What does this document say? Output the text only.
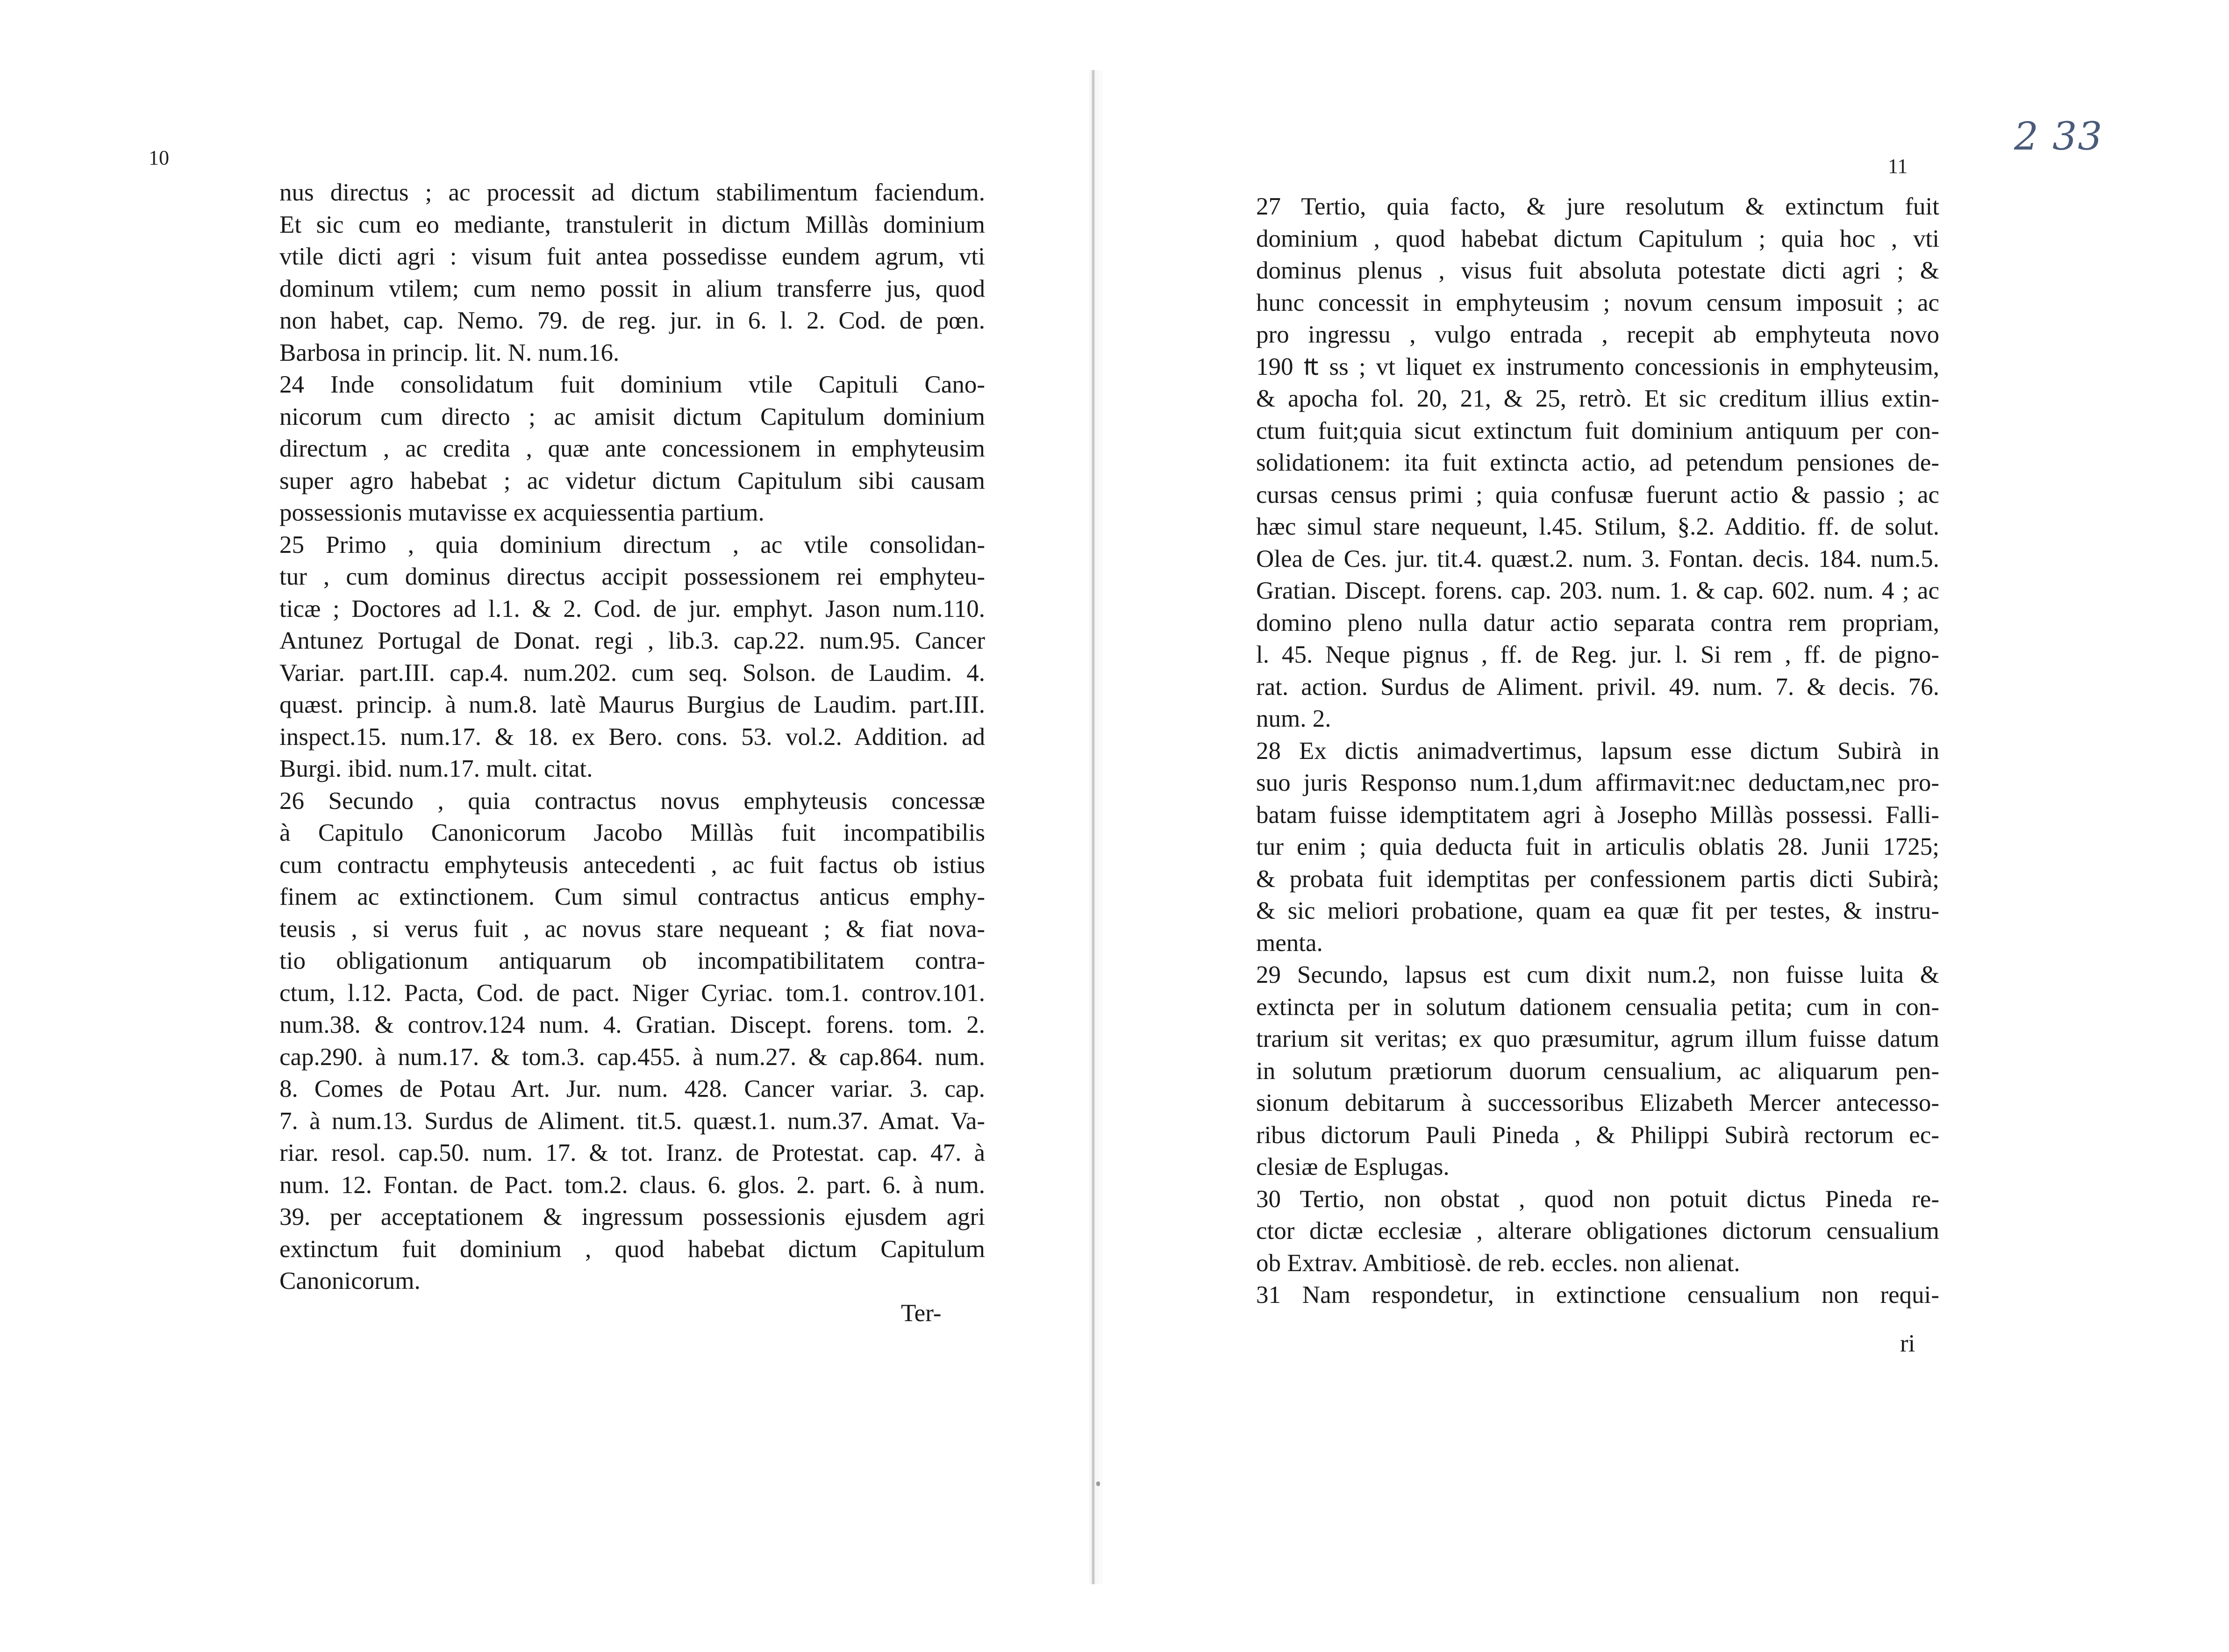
2 33
10	11
nus directus ; ac processit ad dictum stabilimentum faciendum.
Et sic cum eo mediante, transtulerit in dictum Millàs dominium
vtile dicti agri : visum fuit antea possedisse eundem agrum, vti
dominum vtilem; cum nemo possit in alium transferre jus, quod
non habet, cap. Nemo. 79. de reg. jur. in 6. l. 2. Cod. de pœn.
Barbosa in princip. lit. N. num.16.
24 Inde consolidatum fuit dominium vtile Capituli Cano-
nicorum cum directo ; ac amisit dictum Capitulum dominium
directum , ac credita , quæ ante concessionem in emphyteusim
super agro habebat ; ac videtur dictum Capitulum sibi causam
possessionis mutavisse ex acquiessentia partium.
25 Primo , quia dominium directum , ac vtile consolidan-
tur , cum dominus directus accipit possessionem rei emphyteu-
ticæ ; Doctores ad l.1. & 2. Cod. de jur. emphyt. Jason num.110.
Antunez Portugal de Donat. regi , lib.3. cap.22. num.95. Cancer
Variar. part.III. cap.4. num.202. cum seq. Solson. de Laudim. 4.
quæst. princip. à num.8. latè Maurus Burgius de Laudim. part.III.
inspect.15. num.17. & 18. ex Bero. cons. 53. vol.2. Addition. ad
Burgi. ibid. num.17. mult. citat.
26 Secundo , quia contractus novus emphyteusis concessæ
à Capitulo Canonicorum Jacobo Millàs fuit incompatibilis
cum contractu emphyteusis antecedenti , ac fuit factus ob istius
finem ac extinctionem. Cum simul contractus anticus emphy-
teusis , si verus fuit , ac novus stare nequeant ; & fiat nova-
tio obligationum antiquarum ob incompatibilitatem contra-
ctum, l.12. Pacta, Cod. de pact. Niger Cyriac. tom.1. controv.101.
num.38. & controv.124 num. 4. Gratian. Discept. forens. tom. 2.
cap.290. à num.17. & tom.3. cap.455. à num.27. & cap.864. num.
8. Comes de Potau Art. Jur. num. 428. Cancer variar. 3. cap.
7. à num.13. Surdus de Aliment. tit.5. quæst.1. num.37. Amat. Va-
riar. resol. cap.50. num. 17. & tot. Iranz. de Protestat. cap. 47. à
num. 12. Fontan. de Pact. tom.2. claus. 6. glos. 2. part. 6. à num.
39. per acceptationem & ingressum possessionis ejusdem agri
extinctum fuit dominium , quod habebat dictum Capitulum
Canonicorum.
Ter-
27 Tertio, quia facto, & jure resolutum & extinctum fuit
dominium , quod habebat dictum Capitulum ; quia hoc , vti
dominus plenus , visus fuit absoluta potestate dicti agri ; &
hunc concessit in emphyteusim ; novum censum imposuit ; ac
pro ingressu , vulgo entrada , recepit ab emphyteuta novo
190 ₶ ss ; vt liquet ex instrumento concessionis in emphyteusim,
& apocha fol. 20, 21, & 25, retrò. Et sic creditum illius extin-
ctum fuit;quia sicut extinctum fuit dominium antiquum per con-
solidationem: ita fuit extincta actio, ad petendum pensiones de-
cursas census primi ; quia confusæ fuerunt actio & passio ; ac
hæc simul stare nequeunt, l.45. Stilum, §.2. Additio. ff. de solut.
Olea de Ces. jur. tit.4. quæst.2. num. 3. Fontan. decis. 184. num.5.
Gratian. Discept. forens. cap. 203. num. 1. & cap. 602. num. 4 ; ac
domino pleno nulla datur actio separata contra rem propriam,
l. 45. Neque pignus , ff. de Reg. jur. l. Si rem , ff. de pigno-
rat. action. Surdus de Aliment. privil. 49. num. 7. & decis. 76.
num. 2.
28 Ex dictis animadvertimus, lapsum esse dictum Subirà in
suo juris Responso num.1,dum affirmavit:nec deductam,nec pro-
batam fuisse idemptitatem agri à Josepho Millàs possessi. Falli-
tur enim ; quia deducta fuit in articulis oblatis 28. Junii 1725;
& probata fuit idemptitas per confessionem partis dicti Subirà;
& sic meliori probatione, quam ea quæ fit per testes, & instru-
menta.
29 Secundo, lapsus est cum dixit num.2, non fuisse luita &
extincta per in solutum dationem censualia petita; cum in con-
trarium sit veritas; ex quo præsumitur, agrum illum fuisse datum
in solutum prætiorum duorum censualium, ac aliquarum pen-
sionum debitarum à successoribus Elizabeth Mercer antecesso-
ribus dictorum Pauli Pineda , & Philippi Subirà rectorum ec-
clesiæ de Esplugas.
30 Tertio, non obstat , quod non potuit dictus Pineda re-
ctor dictæ ecclesiæ , alterare obligationes dictorum censualium
ob Extrav. Ambitiosè. de reb. eccles. non alienat.
31 Nam respondetur, in extinctione censualium non requi-
ri
